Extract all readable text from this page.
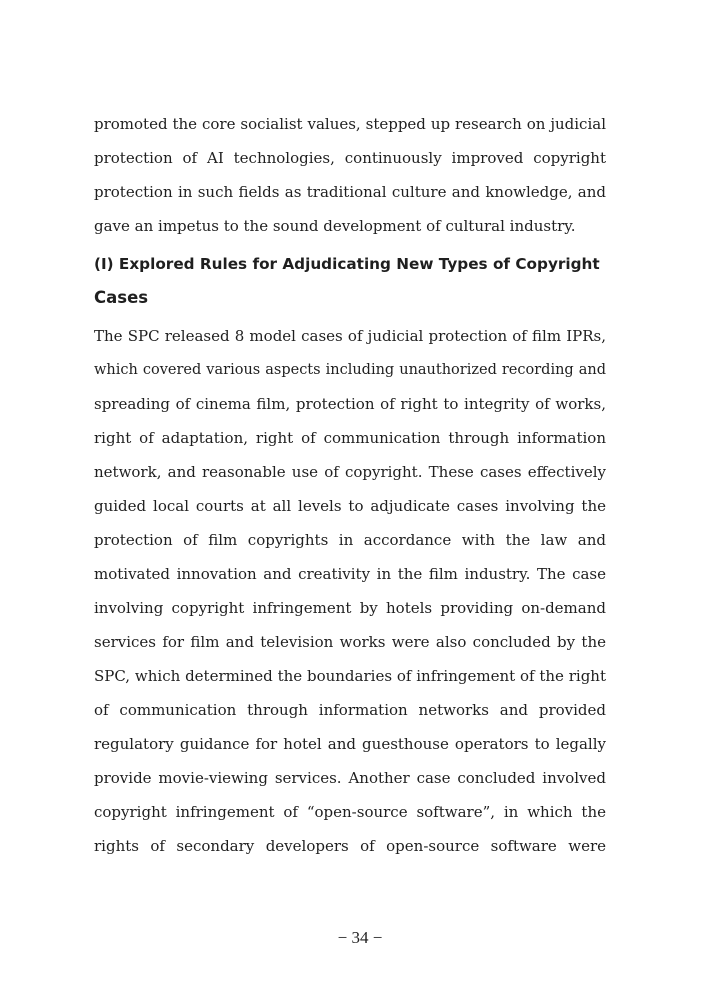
promoted the core socialist values, stepped up research on judicial
protection of AI technologies, continuously improved copyright
protection in such fields as traditional culture and knowledge, and
gave an impetus to the sound development of cultural industry.

(I) Explored Rules for Adjudicating New Types of Copyright
Cases

The SPC released 8 model cases of judicial protection of film IPRs,
which covered various aspects including unauthorized recording and
spreading of cinema film, protection of right to integrity of works,
right of adaptation, right of communication through information
network, and reasonable use of copyright. These cases effectively
guided local courts at all levels to adjudicate cases involving the
protection of film copyrights in accordance with the law and
motivated innovation and creativity in the film industry. The case
involving copyright infringement by hotels providing on-demand
services for film and television works were also concluded by the
SPC, which determined the boundaries of infringement of the right
of communication through information networks and provided
regulatory guidance for hotel and guesthouse operators to legally
provide movie-viewing services. Another case concluded involved
copyright infringement of “open-source software”, in which the
rights of secondary developers of open-source software were

− 34 −
